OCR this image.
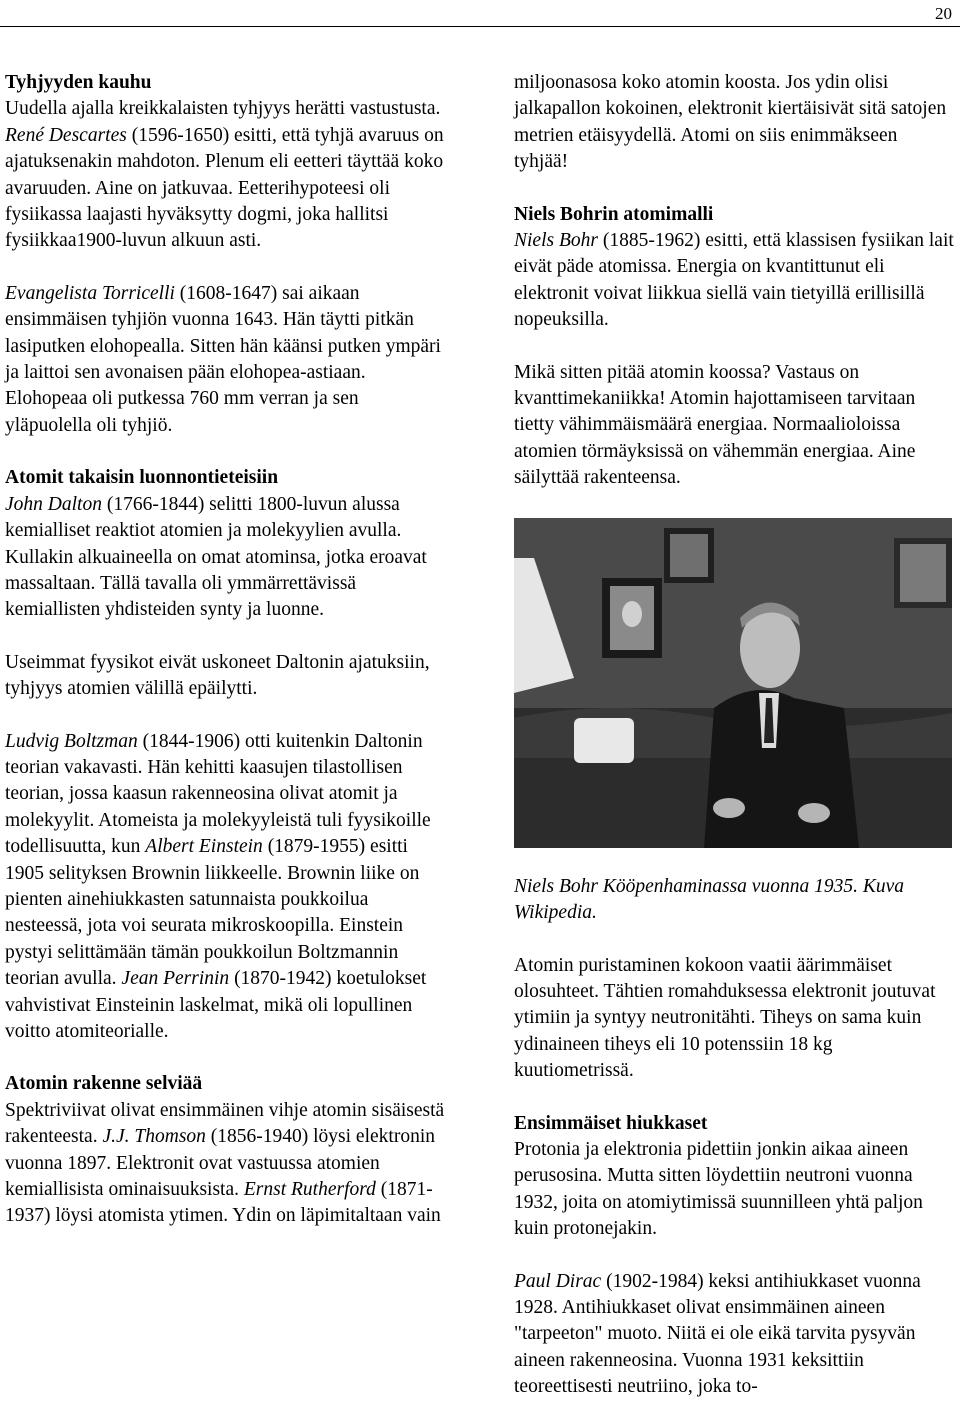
20

Tyhjyyden kauhu

Uudella ajalla kreikkalaisten tyhjyys herätti vastustusta. René Descartes (1596-1650) esitti, että tyhjä avaruus on ajatuksenakin mahdoton. Plenum eli eetteri täyttää koko avaruuden. Aine on jatkuvaa. Eetterihypoteesi oli fysiikassa laajasti hyväksytty dogmi, joka hallitsi fysiikkaa1900-luvun alkuun asti.

Evangelista Torricelli (1608-1647) sai aikaan ensimmäisen tyhjiön vuonna 1643. Hän täytti pitkän lasiputken elohopealla. Sitten hän käänsi putken ympäri ja laittoi sen avonaisen pään elohopea-astiaan. Elohopeaa oli putkessa 760 mm verran ja sen yläpuolella oli tyhjiö.

Atomit takaisin luonnontieteisiin

John Dalton (1766-1844) selitti 1800-luvun alussa kemialliset reaktiot atomien ja molekyylien avulla. Kullakin alkuaineella on omat atominsa, jotka eroavat massaltaan. Tällä tavalla oli ymmärrettävissä kemiallisten yhdisteiden synty ja luonne.

Useimmat fyysikot eivät uskoneet Daltonin ajatuksiin, tyhjyys atomien välillä epäilytti.

Ludvig Boltzman (1844-1906) otti kuitenkin Daltonin teorian vakavasti. Hän kehitti kaasujen tilastollisen teorian, jossa kaasun rakenneosina olivat atomit ja molekyylit. Atomeista ja molekyyleistä tuli fyysikoille todellisuutta, kun Albert Einstein (1879-1955) esitti 1905 selityksen Brownin liikkeelle. Brownin liike on pienten ainehiukkasten satunnaista poukkoilua nesteessä, jota voi seurata mikroskoopilla. Einstein pystyi selittämään tämän poukkoilun Boltzmannin teorian avulla. Jean Perrinin (1870-1942) koetulokset vahvistivat Einsteinin laskelmat, mikä oli lopullinen voitto atomiteorialle.

Atomin rakenne selviää

Spektriviivat olivat ensimmäinen vihje atomin sisäisestä rakenteesta. J.J. Thomson (1856-1940) löysi elektronin vuonna 1897. Elektronit ovat vastuussa atomien kemiallisista ominaisuuksista. Ernst Rutherford (1871-1937) löysi atomista ytimen. Ydin on läpimitaltaan vain

miljoonasosa koko atomin koosta. Jos ydin olisi jalkapallon kokoinen, elektronit kiertäisivät sitä satojen metrien etäisyydellä. Atomi on siis enimmäkseen tyhjää!

Niels Bohrin atomimalli

Niels Bohr (1885-1962) esitti, että klassisen fysiikan lait eivät päde atomissa. Energia on kvantittunut eli elektronit voivat liikkua siellä vain tietyillä erillisillä nopeuksilla.

Mikä sitten pitää atomin koossa? Vastaus on kvanttimekaniikka! Atomin hajottamiseen tarvitaan tietty vähimmäismäärä energiaa. Normaalioloissa atomien törmäyksissä on vähemmän energiaa. Aine säilyttää rakenteensa.

Niels Bohr Kööpenhaminassa vuonna 1935. Kuva Wikipedia.

Atomin puristaminen kokoon vaatii äärimmäiset olosuhteet. Tähtien romahduksessa elektronit joutuvat ytimiin ja syntyy neutronitähti. Tiheys on sama kuin ydinaineen tiheys eli 10 potenssiin 18 kg kuutiometrissä.

Ensimmäiset hiukkaset

Protonia ja elektronia pidettiin jonkin aikaa aineen perusosina. Mutta sitten löydettiin neutroni vuonna 1932, joita on atomiytimissä suunnilleen yhtä paljon kuin protonejakin.

Paul Dirac (1902-1984) keksi antihiukkaset vuonna 1928. Antihiukkaset olivat ensimmäinen aineen "tarpeeton" muoto. Niitä ei ole eikä tarvita pysyvän aineen rakenneosina. Vuonna 1931 keksittiin teoreettisesti neutriino, joka to-
